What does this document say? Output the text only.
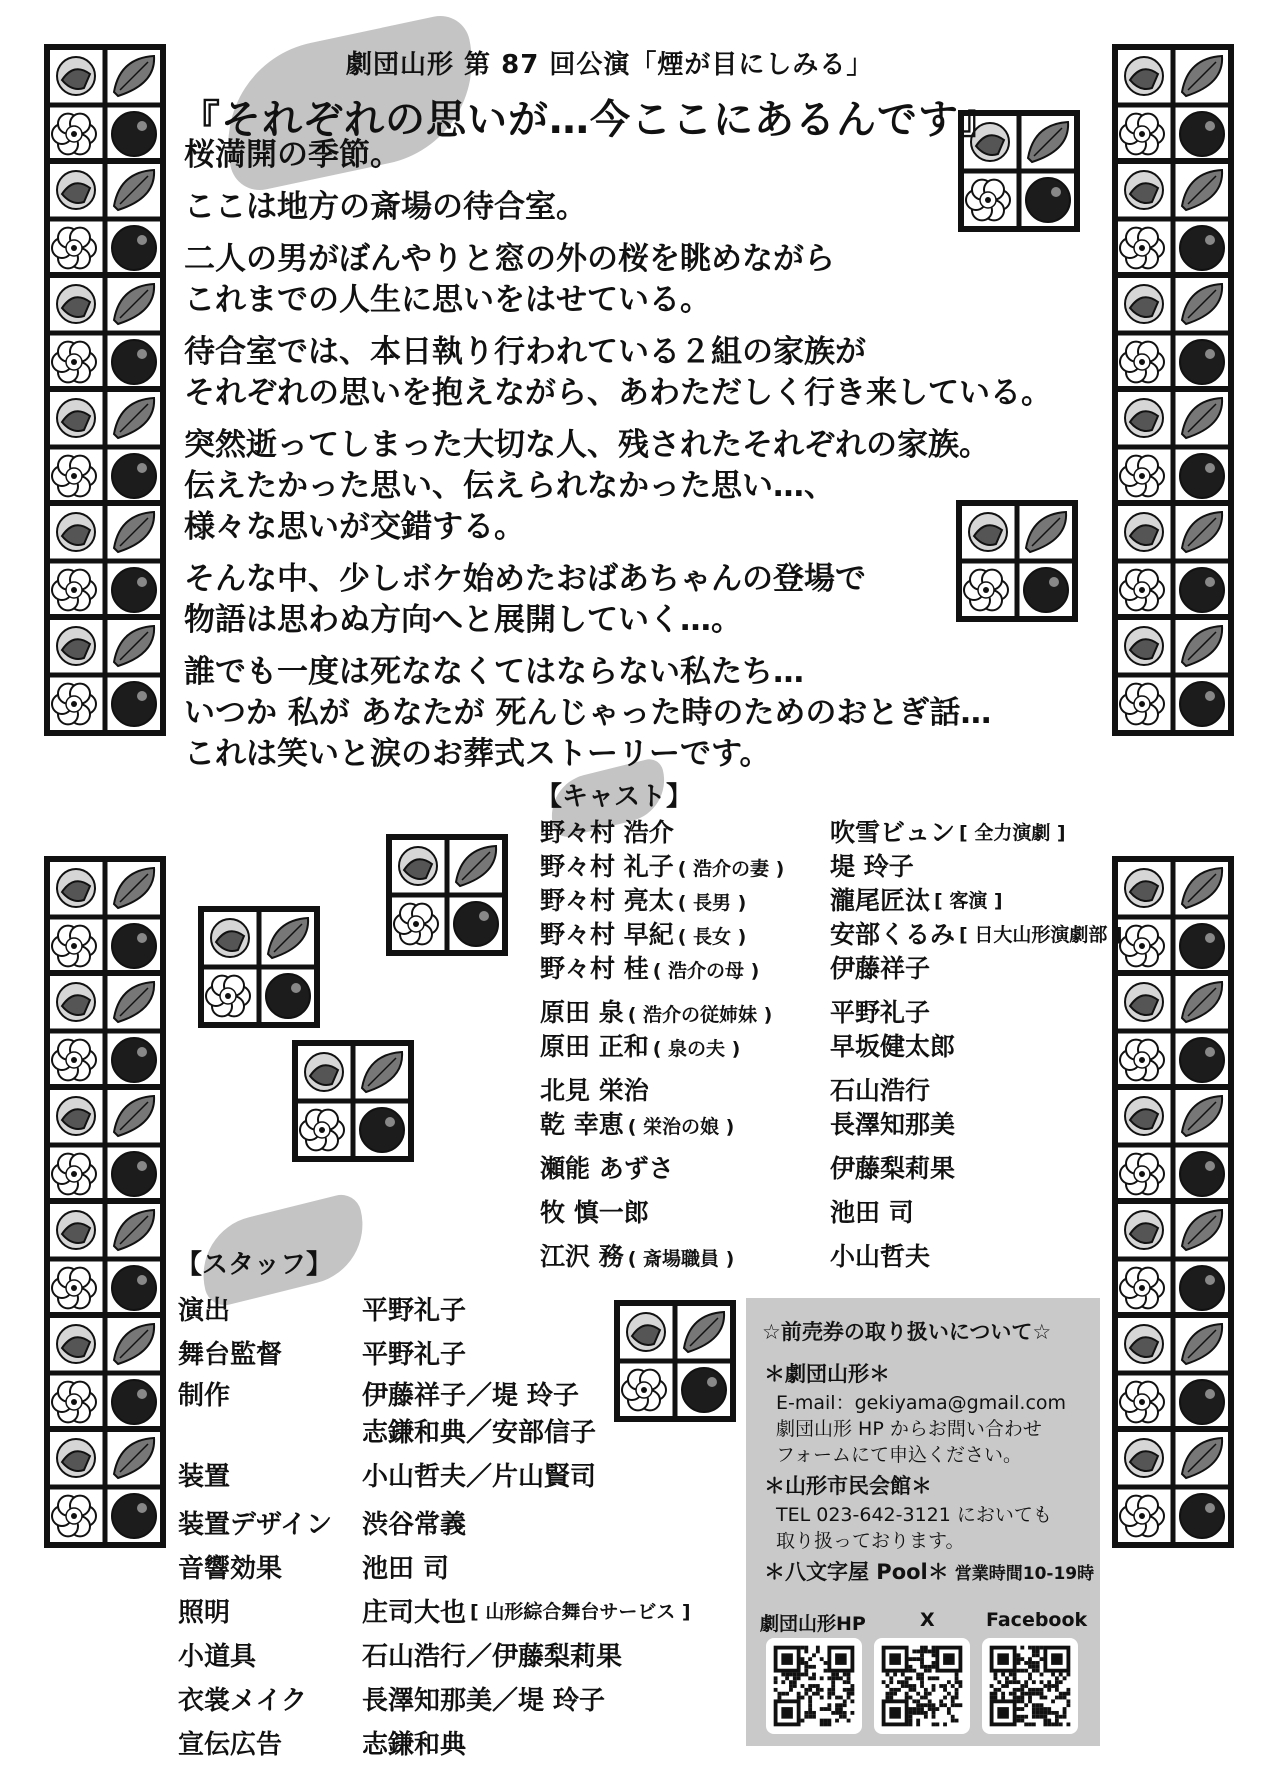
劇団山形 第 87 回公演「煙が目にしみる」
『それぞれの思いが…今ここにあるんです』
桜満開の季節。
ここは地方の斎場の待合室。
二人の男がぼんやりと窓の外の桜を眺めながら
これまでの人生に思いをはせている。
待合室では、本日執り行われている２組の家族が
それぞれの思いを抱えながら、あわただしく行き来している。
突然逝ってしまった大切な人、残されたそれぞれの家族。
伝えたかった思い、伝えられなかった思い…、
様々な思いが交錯する。
そんな中、少しボケ始めたおばあちゃんの登場で
物語は思わぬ方向へと展開していく…。
誰でも一度は死ななくてはならない私たち…
いつか 私が あなたが 死んじゃった時のためのおとぎ話…
これは笑いと涙のお葬式ストーリーです。
【キャスト】
野々村 浩介	吹雪ビュン [ 全力演劇 ]
野々村 礼子 ( 浩介の妻 )	堤 玲子
野々村 亮太 ( 長男 )	瀧尾匠汰 [ 客演 ]
野々村 早紀 ( 長女 )	安部くるみ [ 日大山形演劇部 ]
野々村 桂 ( 浩介の母 )	伊藤祥子
原田 泉 ( 浩介の従姉妹 )	平野礼子
原田 正和 ( 泉の夫 )	早坂健太郎
北見 栄治	石山浩行
乾 幸恵 ( 栄治の娘 )	長澤知那美
瀬能 あずさ	伊藤梨莉果
牧 慎一郎	池田 司
江沢 務 ( 斎場職員 )	小山哲夫
【スタッフ】
演出	平野礼子
舞台監督	平野礼子
制作	伊藤祥子／堤 玲子
志鎌和典／安部信子
装置	小山哲夫／片山賢司
装置デザイン	渋谷常義
音響効果	池田 司
照明	庄司大也 [ 山形綜合舞台サービス ]
小道具	石山浩行／伊藤梨莉果
衣裳メイク	長澤知那美／堤 玲子
宣伝広告	志鎌和典
☆前売券の取り扱いについて☆
＊劇団山形＊
E-mail：gekiyama@gmail.com
劇団山形 HP からお問い合わせ
フォームにて申込ください。
＊山形市民会館＊
TEL 023-642-3121 においても
取り扱っております。
＊八文字屋 Pool＊ 営業時間10-19時
劇団山形HP	X	Facebook
